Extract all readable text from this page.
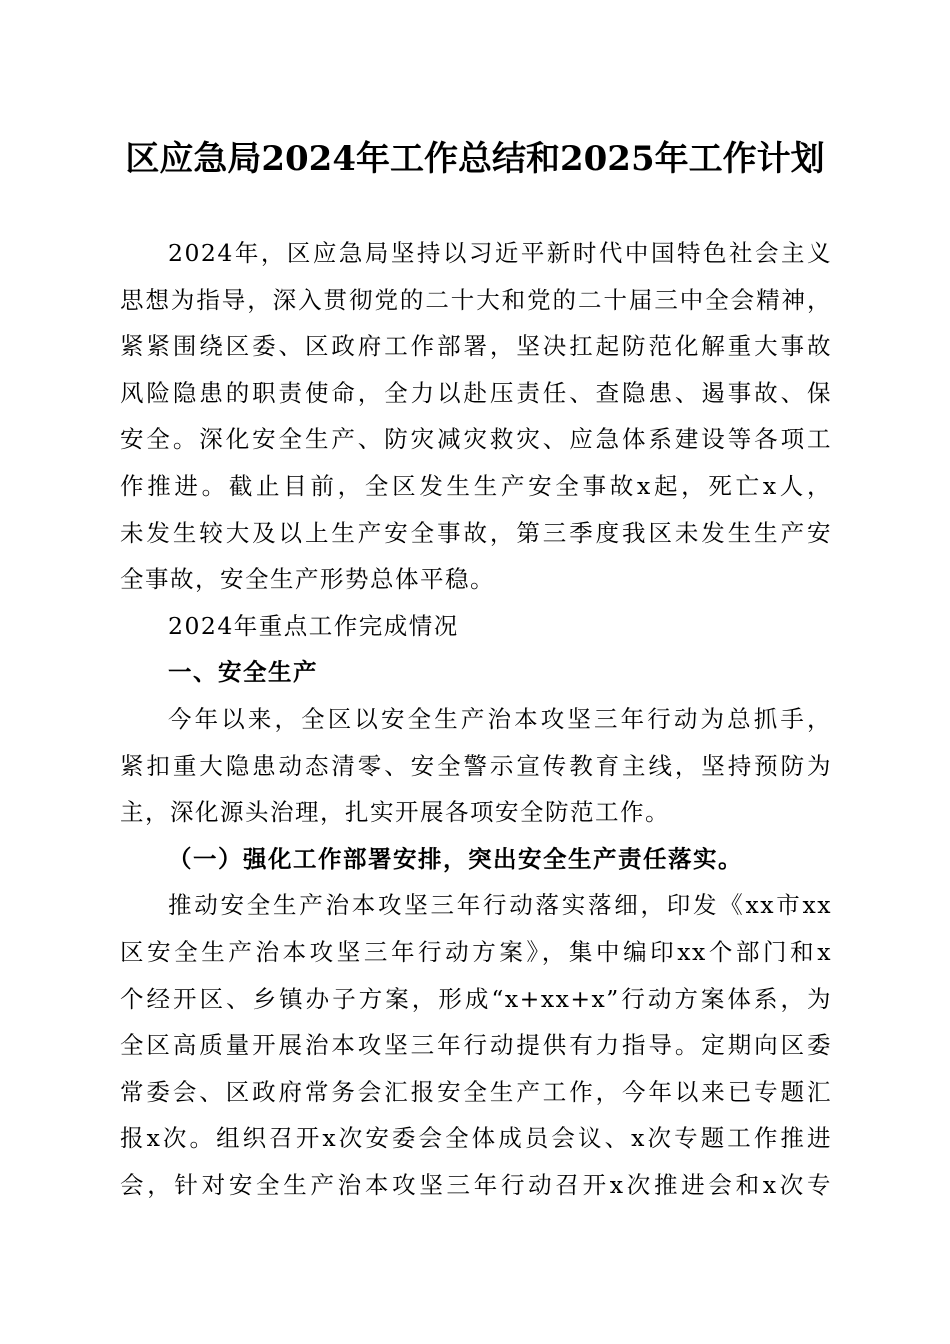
区应急局2024年工作总结和2025年工作计划
2024年，区应急局坚持以习近平新时代中国特色社会主义
思想为指导，深入贯彻党的二十大和党的二十届三中全会精神，
紧紧围绕区委、区政府工作部署，坚决扛起防范化解重大事故
风险隐患的职责使命，全力以赴压责任、查隐患、遏事故、保
安全。深化安全生产、防灾减灾救灾、应急体系建设等各项工
作推进。截止目前，全区发生生产安全事故x起，死亡x人，
未发生较大及以上生产安全事故，第三季度我区未发生生产安
全事故，安全生产形势总体平稳。
2024年重点工作完成情况
一、安全生产
今年以来，全区以安全生产治本攻坚三年行动为总抓手，
紧扣重大隐患动态清零、安全警示宣传教育主线，坚持预防为
主，深化源头治理，扎实开展各项安全防范工作。
（一）强化工作部署安排，突出安全生产责任落实。
推动安全生产治本攻坚三年行动落实落细，印发《xx市xx
区安全生产治本攻坚三年行动方案》，集中编印xx个部门和x
个经开区、乡镇办子方案，形成“x+xx+x”行动方案体系，为
全区高质量开展治本攻坚三年行动提供有力指导。定期向区委
常委会、区政府常务会汇报安全生产工作，今年以来已专题汇
报x次。组织召开x次安委会全体成员会议、x次专题工作推进
会，针对安全生产治本攻坚三年行动召开x次推进会和x次专
